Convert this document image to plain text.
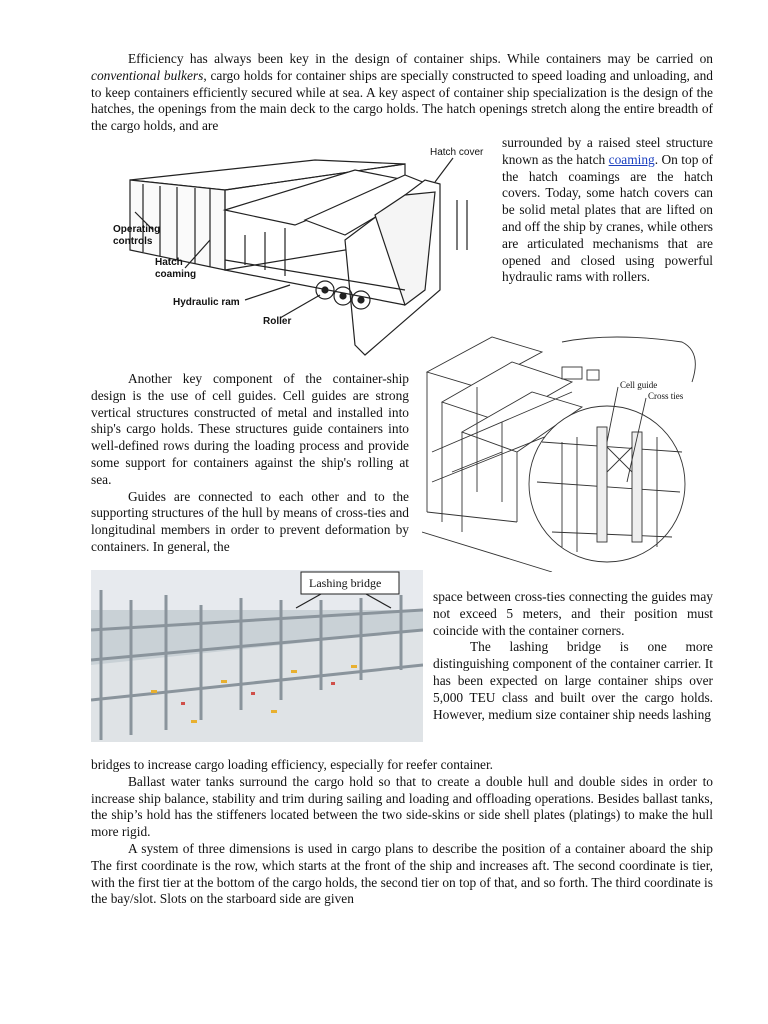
Efficiency has always been key in the design of container ships. While containers may be carried on conventional bulkers, cargo holds for container ships are specially constructed to speed loading and unloading, and to keep containers efficiently secured while at sea. A key aspect of container ship specialization is the design of the hatches, the openings from the main deck to the cargo holds. The hatch openings stretch along the entire breadth of the cargo holds, and are

Hatch cover
Operating
controls
Hatch
coaming
Hydraulic ram
Roller

surrounded by a raised steel structure known as the hatch coaming. On top of the hatch coamings are the hatch covers. Today, some hatch covers can be solid metal plates that are lifted on and off the ship by cranes, while others are articulated mechanisms that are opened and closed using powerful hydraulic rams with rollers.

Another key component of the container-ship design is the use of cell guides. Cell guides are strong vertical structures constructed of metal and installed into ship's cargo holds. These structures guide containers into well-defined rows during the loading process and provide some support for containers against the ship's rolling at sea.

Guides are connected to each other and to the supporting structures of the hull by means of cross-ties and longitudinal members in order to prevent deformation by containers. In general, the

Cell guide
Cross ties
Lashing bridge

space between cross-ties connecting the guides may not exceed 5 meters, and their position must coincide with the container corners.

The lashing bridge is one more distinguishing component of the container carrier. It has been expected on large container ships over 5,000 TEU class and built over the cargo holds. However, medium size container ship needs lashing

bridges to increase cargo loading efficiency, especially for reefer container.

Ballast water tanks surround the cargo hold so that to create a double hull and double sides in order to increase ship balance, stability and trim during sailing and loading and offloading operations. Besides ballast tanks, the ship’s hold has the stiffeners located between the two side-skins or side shell plates (platings) to make the hull more rigid.

A system of three dimensions is used in cargo plans to describe the position of a container aboard the ship The first coordinate is the row, which starts at the front of the ship and increases aft. The second coordinate is tier, with the first tier at the bottom of the cargo holds, the second tier on top of that, and so forth. The third coordinate is the bay/slot. Slots on the starboard side are given
